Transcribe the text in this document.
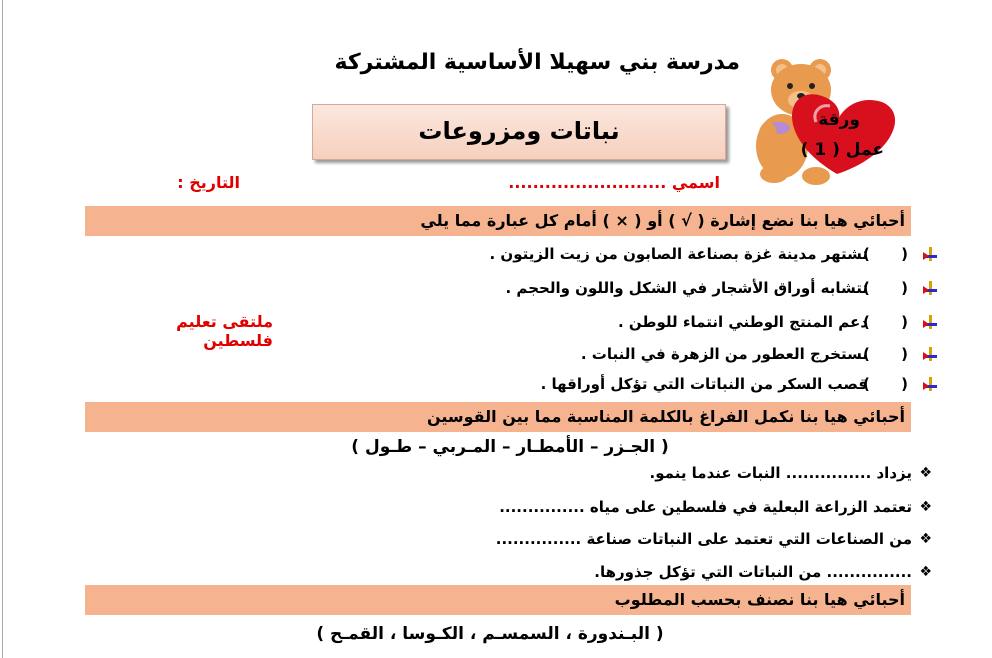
مدرسة بني سهيلا الأساسية المشتركة
نباتات ومزروعات	ورقة
عمل ( 1 )
اسمي ..........................
التاريخ :
أحبائي هيا بنا نضع إشارة ( √ ) أو ( × ) أمام كل عبارة مما يلي
(      )
تشتهر مدينة غزة بصناعة الصابون من زيت الزيتون .
(      )
تتشابه أوراق الأشجار في الشكل واللون والحجم .
(      )
دعم المنتج الوطني انتماء للوطن .
(      )
نستخرج العطور من الزهرة في النبات .
(      )
قصب السكر من النباتات التي تؤكل أوراقها .
ملتقى تعليم فلسطين
أحبائي هيا بنا نكمل الفراغ بالكلمة المناسبة مما بين القوسين
( الجـزر – الأمطـار – المـربي – طـول )
❖
يزداد ............... النبات عندما ينمو.
❖
تعتمد الزراعة البعلية في فلسطين على مياه ...............
❖
من الصناعات التي تعتمد على النباتات صناعة ...............
❖
............... من النباتات التي تؤكل جذورها.
أحبائي هيا بنا نصنف بحسب المطلوب
( البـندورة ، السمسـم ، الكـوسا ، القمـح )
